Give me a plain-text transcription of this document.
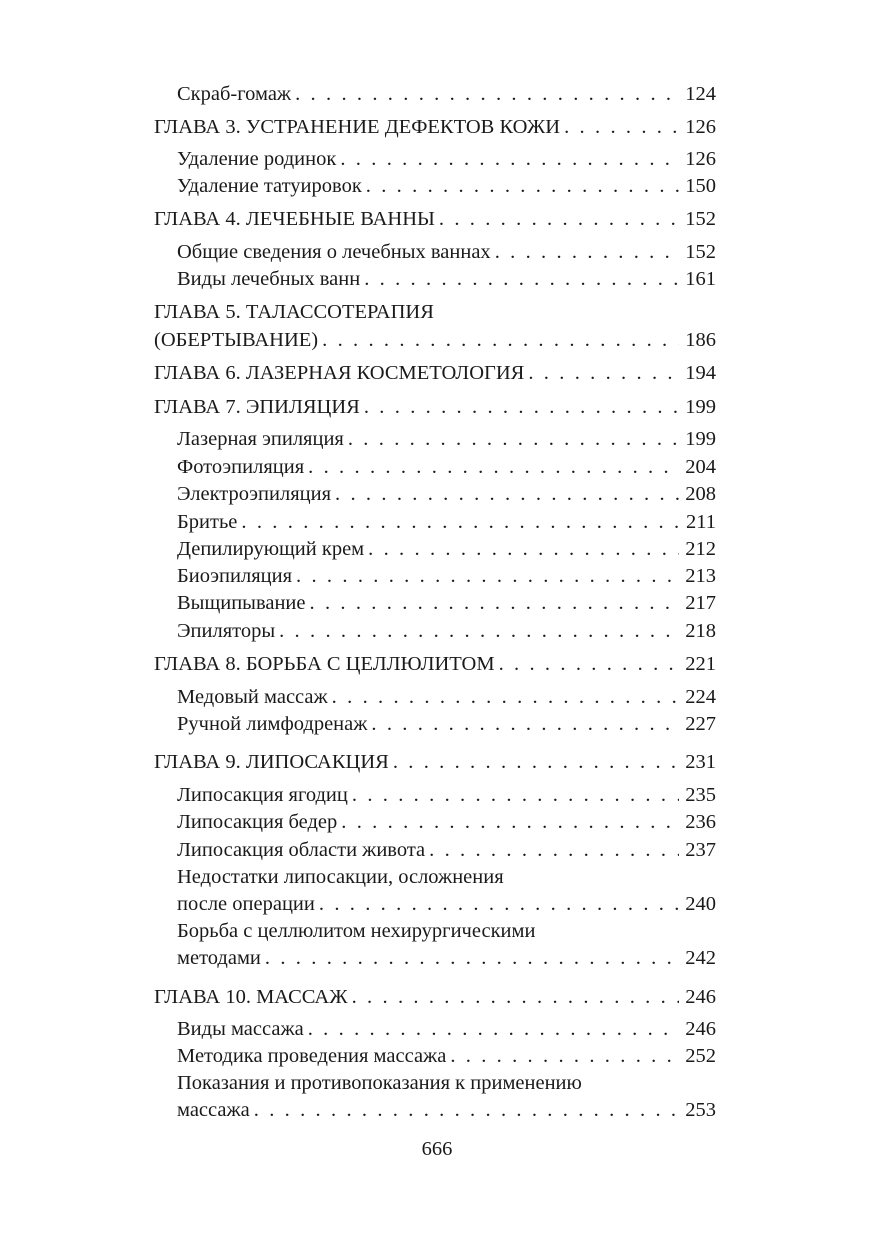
Скраб-гомаж . . .	124
ГЛАВА 3. УСТРАНЕНИЕ ДЕФЕКТОВ КОЖИ . . .	126
Удаление родинок . . .	126
Удаление татуировок . . .	150
ГЛАВА 4. ЛЕЧЕБНЫЕ ВАННЫ . . .	152
Общие сведения о лечебных ваннах . . .	152
Виды лечебных ванн . . .	161
ГЛАВА 5. ТАЛАССОТЕРАПИЯ
(ОБЕРТЫВАНИЕ) . . .	186
ГЛАВА 6. ЛАЗЕРНАЯ КОСМЕТОЛОГИЯ . . .	194
ГЛАВА 7. ЭПИЛЯЦИЯ . . .	199
Лазерная эпиляция . . .	199
Фотоэпиляция . . .	204
Электроэпиляция . . .	208
Бритье . . .	211
Депилирующий крем . . .	212
Биоэпиляция . . .	213
Выщипывание . . .	217
Эпиляторы . . .	218
ГЛАВА 8. БОРЬБА С ЦЕЛЛЮЛИТОМ . . .	221
Медовый массаж . . .	224
Ручной лимфодренаж . . .	227
ГЛАВА 9. ЛИПОСАКЦИЯ . . .	231
Липосакция ягодиц . . .	235
Липосакция бедер . . .	236
Липосакция области живота . . .	237
Недостатки липосакции, осложнения
после операции . . .	240
Борьба с целлюлитом нехирургическими
методами . . .	242
ГЛАВА 10. МАССАЖ . . .	246
Виды массажа . . .	246
Методика проведения массажа . . .	252
Показания и противопоказания к применению
массажа . . .	253
666
